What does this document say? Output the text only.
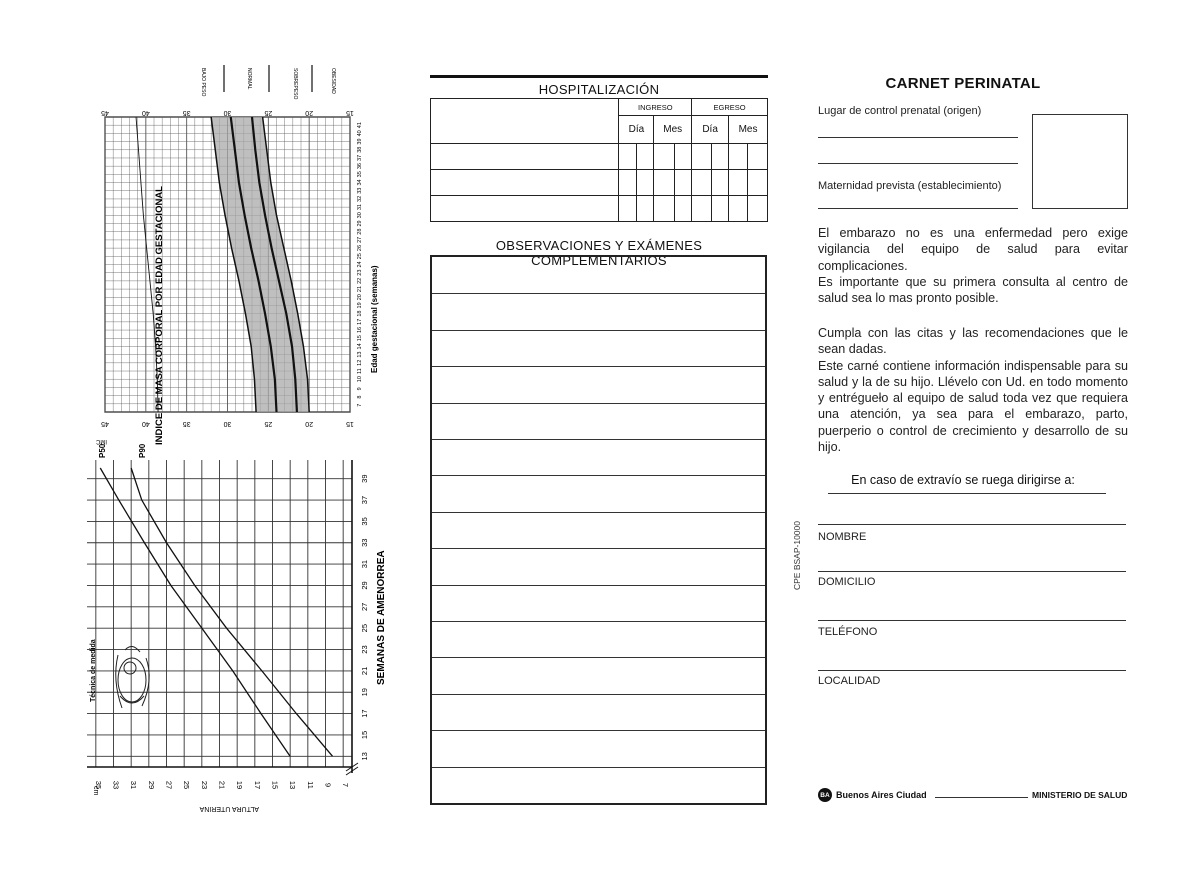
15
15
20
20
25
25
30
30
35
35
40
40
45
45
7
8
9
10
11
12
13
14
15
16
17
18
19
20
21
22
23
24
25
26
27
28
29
30
31
32
33
34
35
36
37
38
39
40
41
OBESIDAD
SOBREPESO
NORMAL
BAJO PESO
INDICE DE MASA CORPORAL POR EDAD GESTACIONAL	Edad gestacional (semanas)
IMC
7
9
11
13
15
17
19
21
23
25
27
29
31
33
35
13
15
17
19
21
23
25
27
29
31
33
35
37
39
SEMANAS DE AMENORREA
ALTURA UTERINA
cm
Técnica de medida
P50	P90
HOSPITALIZACIÓN
	INGRESO				EGRESO			
	Día		Mes		Día		Mes	

OBSERVACIONES Y EXÁMENES COMPLEMENTARIOS
CARNET PERINATAL
Lugar de control prenatal (origen)
Maternidad prevista (establecimiento)

El embarazo no es una enfermedad pero exige vigilancia del equipo de salud para evitar complicaciones.

Es importante que su primera consulta al centro de salud sea lo mas pronto posible.

Cumpla con las citas y las recomendaciones que le sean dadas.

Este carné contiene información indispensable para su salud y la de su hijo. Llévelo con Ud. en todo momento y entrégueło al equipo de salud toda vez que requiera una atención, ya sea para el embarazo, parto, puerperio o control de crecimiento y desarrollo de su hijo.

En caso de extravío se ruega dirigirse a:
CPE BSAP-10000 NOMBRE
DOMICILIO
TELÉFONO
LOCALIDAD
BA Buenos Aires Ciudad	MINISTERIO DE SALUD
